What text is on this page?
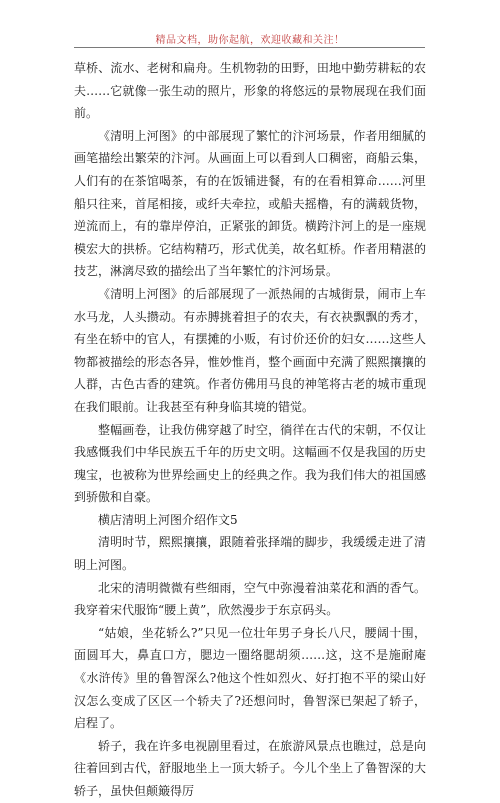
精品文档，助你起航，欢迎收藏和关注！

草桥、流水、老树和扁舟。生机物勃的田野，田地中勤劳耕耘的农夫……它就像一张生动的照片，形象的将悠远的景物展现在我们面前。

《清明上河图》的中部展现了繁忙的汴河场景，作者用细腻的画笔描绘出繁荣的汴河。从画面上可以看到人口稠密，商船云集，人们有的在茶馆喝茶，有的在饭铺进餐，有的在看相算命……河里船只往来，首尾相接，或纤夫牵拉，或船夫摇橹，有的满载货物，逆流而上，有的靠岸停泊，正紧张的卸货。横跨汴河上的是一座规模宏大的拱桥。它结构精巧，形式优美，故名虹桥。作者用精湛的技艺，淋漓尽致的描绘出了当年繁忙的汴河场景。

《清明上河图》的后部展现了一派热闹的古城街景，闹市上车水马龙，人头攒动。有赤膊挑着担子的农夫，有衣袂飘飘的秀才，有坐在轿中的官人，有摆摊的小贩，有讨价还价的妇女……这些人物都被描绘的形态各异，惟妙惟肖，整个画面中充满了熙熙攘攘的人群，古色古香的建筑。作者仿佛用马良的神笔将古老的城市重现在我们眼前。让我甚至有种身临其境的错觉。

整幅画卷，让我仿佛穿越了时空，徜徉在古代的宋朝，不仅让我感慨我们中华民族五千年的历史文明。这幅画不仅是我国的历史瑰宝，也被称为世界绘画史上的经典之作。我为我们伟大的祖国感到骄傲和自豪。

横店清明上河图介绍作文5

清明时节，熙熙攘攘，跟随着张择端的脚步，我缓缓走进了清明上河图。

北宋的清明微微有些细雨，空气中弥漫着油菜花和酒的香气。我穿着宋代服饰“腰上黄”，欣然漫步于东京码头。

“姑娘，坐花轿么?”只见一位壮年男子身长八尺，腰阔十围，面圆耳大，鼻直口方，腮边一圈络腮胡须……这，这不是施耐庵《水浒传》里的鲁智深么?他这个性如烈火、好打抱不平的梁山好汉怎么变成了区区一个轿夫了?还想问时，鲁智深已架起了轿子，启程了。

轿子，我在许多电视剧里看过，在旅游风景点也瞧过，总是向往着回到古代，舒服地坐上一顶大轿子。今儿个坐上了鲁智深的大轿子，虽快但颠簸得厉
